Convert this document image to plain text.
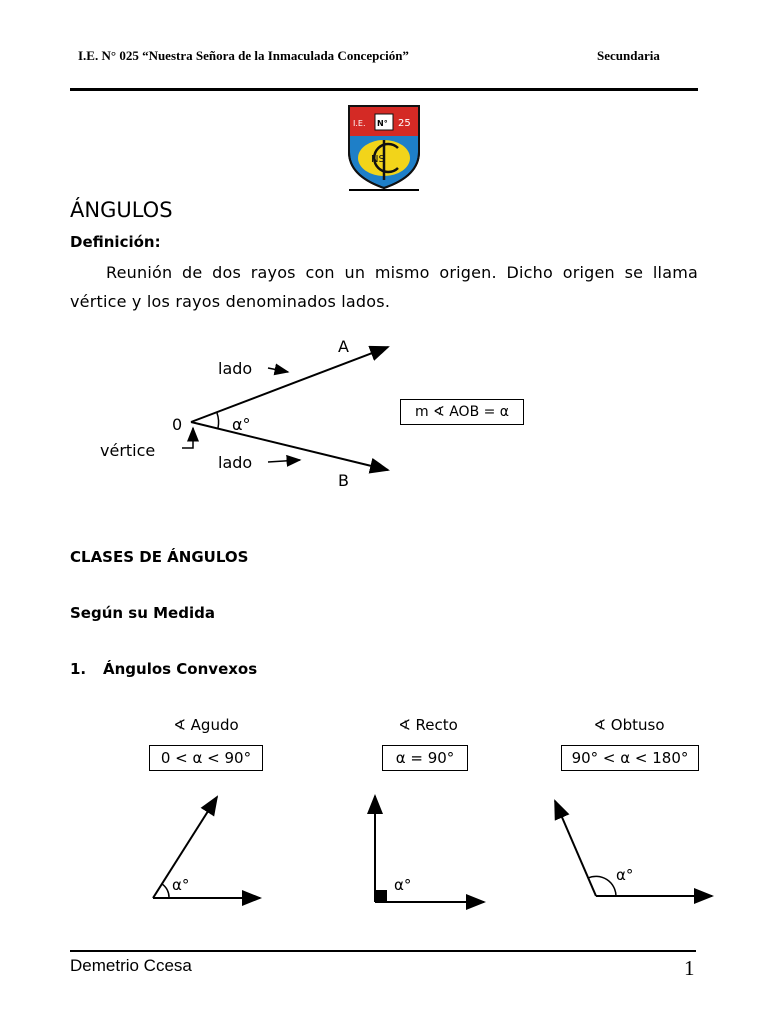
I.E. N° 025 “Nuestra Señora de la Inmaculada Concepción”	Secundaria
I.E. N° 25
NS
ÁNGULOS
Definición:
Reunión de dos rayos con un mismo origen. Dicho origen se llama vértice y los rayos denominados lados.
A
B
0
lado
lado
α°
vértice
m ∢ AOB = α
CLASES DE ÁNGULOS
Según su Medida
1. Ángulos Convexos
∢ Agudo
0 < α < 90°
∢ Recto
α = 90°
∢ Obtuso
90° < α < 180°
α°	α°
α°
Demetrio Ccesa	1
